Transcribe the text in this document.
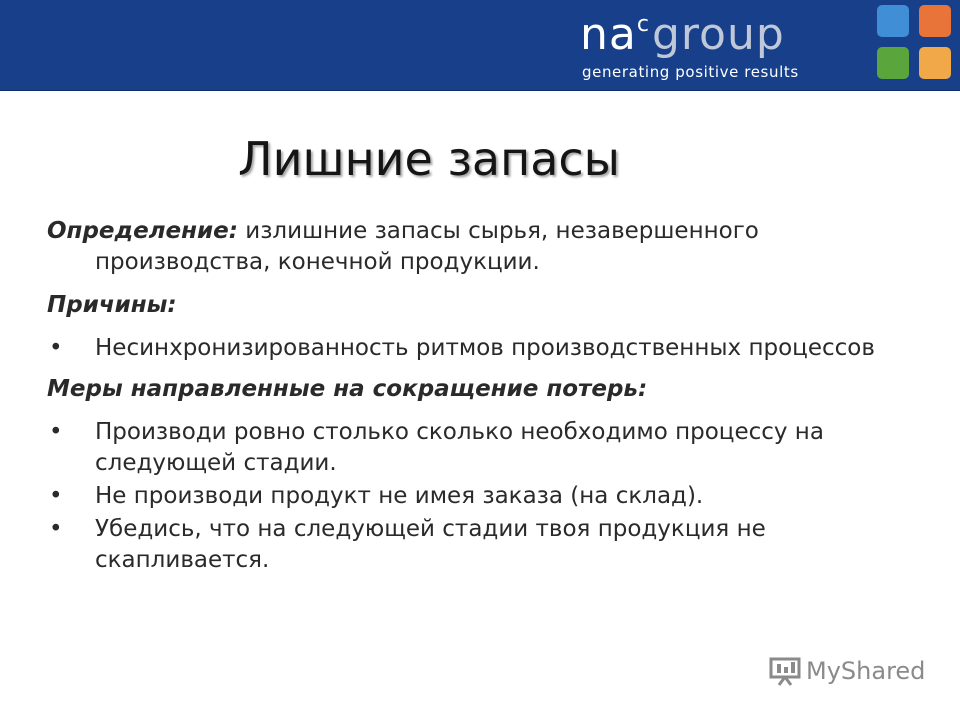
na c group
generating positive results
Лишние запасы

Определение: излишние запасы сырья, незавершенного производства, конечной продукции.

Причины:

• Несинхронизированность ритмов производственных процессов

Меры направленные на сокращение потерь:

• Производи ровно столько сколько необходимо процессу на следующей стадии.
• Не производи продукт не имея заказа (на склад).
• Убедись, что на следующей стадии твоя продукция не скапливается.
MyShared
